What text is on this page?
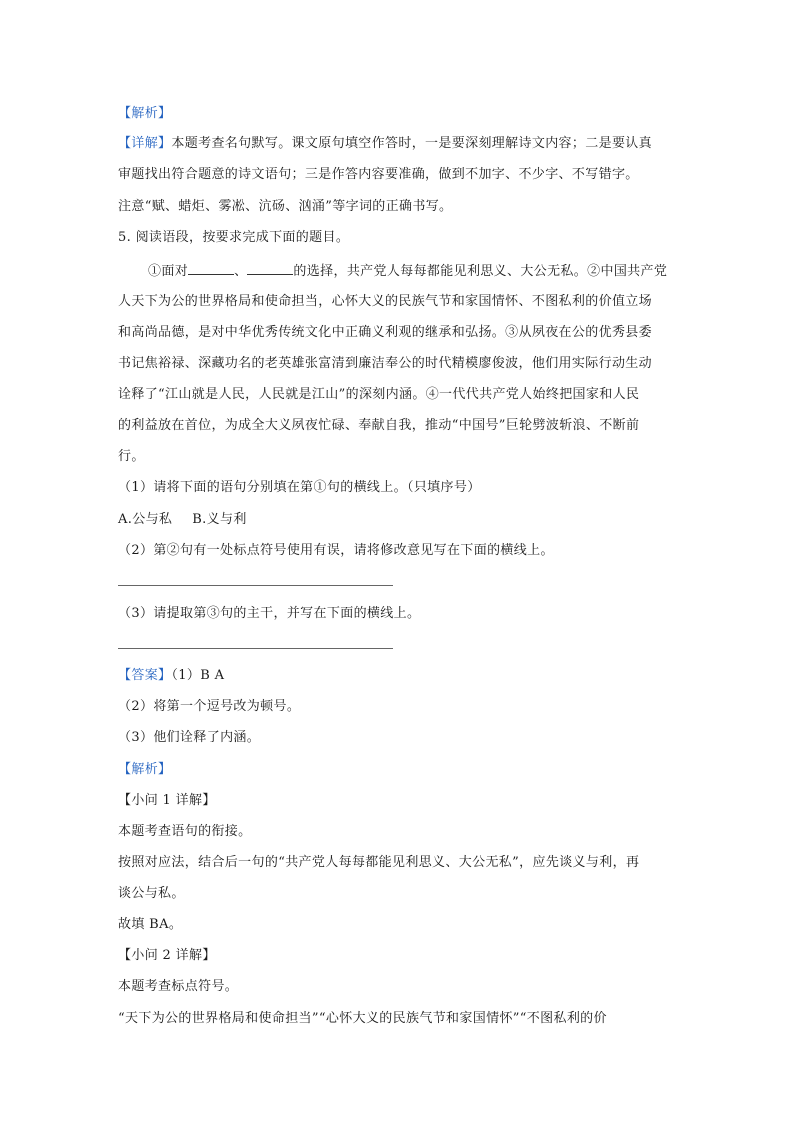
【解析】
【详解】本题考查名句默写。课文原句填空作答时，一是要深刻理解诗文内容；二是要认真
审题找出符合题意的诗文语句；三是作答内容要准确，做到不加字、不少字、不写错字。
注意“赋、蜡炬、雾凇、沆砀、汹涌”等字词的正确书写。
5. 阅读语段，按要求完成下面的题目。
①面对	、	的选择，共产党人每每都能见利思义、大公无私。②中国共产党
人天下为公的世界格局和使命担当，心怀大义的民族气节和家国情怀、不图私利的价值立场
和高尚品德，是对中华优秀传统文化中正确义利观的继承和弘扬。③从夙夜在公的优秀县委
书记焦裕禄、深藏功名的老英雄张富清到廉洁奉公的时代精模廖俊波，他们用实际行动生动
诠释了“江山就是人民，人民就是江山”的深刻内涵。④一代代共产党人始终把国家和人民
的利益放在首位，为成全大义夙夜忙碌、奉献自我，推动“中国号”巨轮劈波斩浪、不断前
行。
（1）请将下面的语句分别填在第①句的横线上。（只填序号）
A.公与私 B.义与利
（2）第②句有一处标点符号使用有误，请将修改意见写在下面的横线上。
（3）请提取第③句的主干，并写在下面的横线上。
【答案】（1）B A
（2）将第一个逗号改为顿号。
（3）他们诠释了内涵。
【解析】
【小问 1 详解】
本题考查语句的衔接。
按照对应法，结合后一句的“共产党人每每都能见利思义、大公无私”，应先谈义与利，再
谈公与私。
故填 BA。
【小问 2 详解】
本题考查标点符号。
“天下为公的世界格局和使命担当”“心怀大义的民族气节和家国情怀”“不图私利的价
